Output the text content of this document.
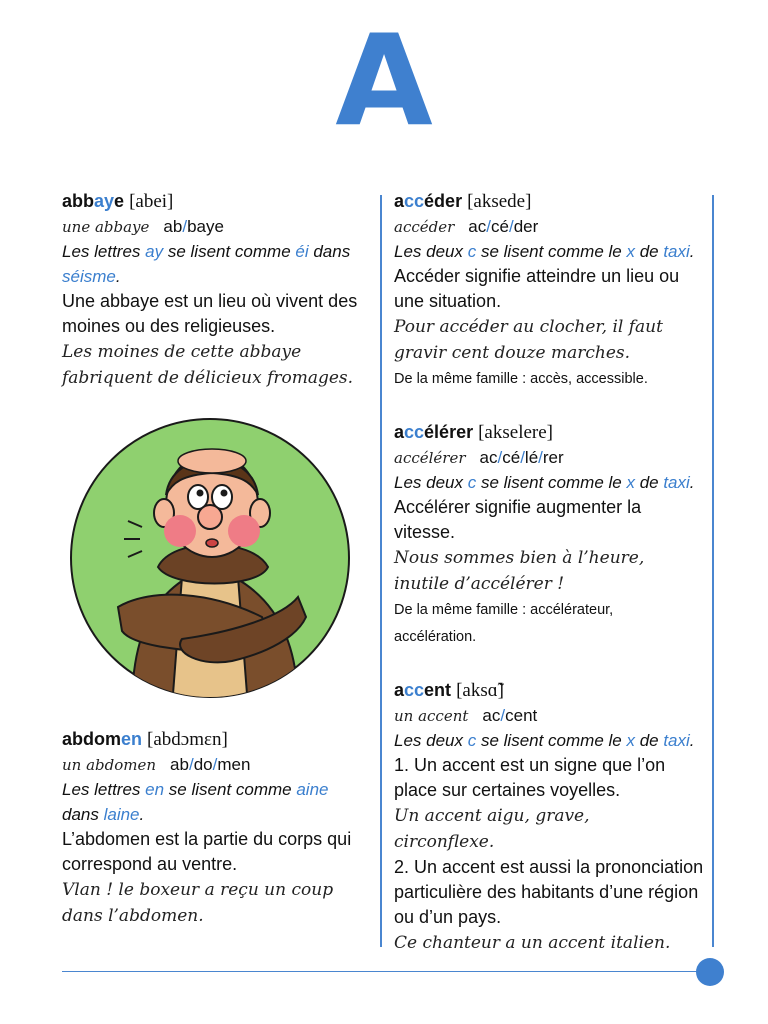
A
abbaye [abei]
une abbaye ab/baye
Les lettres ay se lisent comme éi dans séisme.
Une abbaye est un lieu où vivent des moines ou des religieuses.
Les moines de cette abbaye fabriquent de délicieux fromages.
abdomen [abdɔmɛn]
un abdomen ab/do/men
Les lettres en se lisent comme aine
dans laine.
L’abdomen est la partie du corps qui correspond au ventre.
Vlan ! le boxeur a reçu un coup dans l’abdomen.
accéder [aksede]
accéder ac/cé/der
Les deux c se lisent comme le x de taxi.
Accéder signifie atteindre un lieu ou une situation.
Pour accéder au clocher, il faut gravir cent douze marches.
De la même famille : accès, accessible.
accélérer [akselere]
accélérer ac/cé/lé/rer
Les deux c se lisent comme le x de taxi.
Accélérer signifie augmenter la vitesse.
Nous sommes bien à l’heure, inutile d’accélérer !
De la même famille : accélérateur, accélération.
accent [aksɑ̃]
un accent ac/cent
Les deux c se lisent comme le x de taxi.
1. Un accent est un signe que l’on place sur certaines voyelles.
Un accent aigu, grave, circonflexe.
2. Un accent est aussi la prononciation particulière des habitants d’une région ou d’un pays.
Ce chanteur a un accent italien.
